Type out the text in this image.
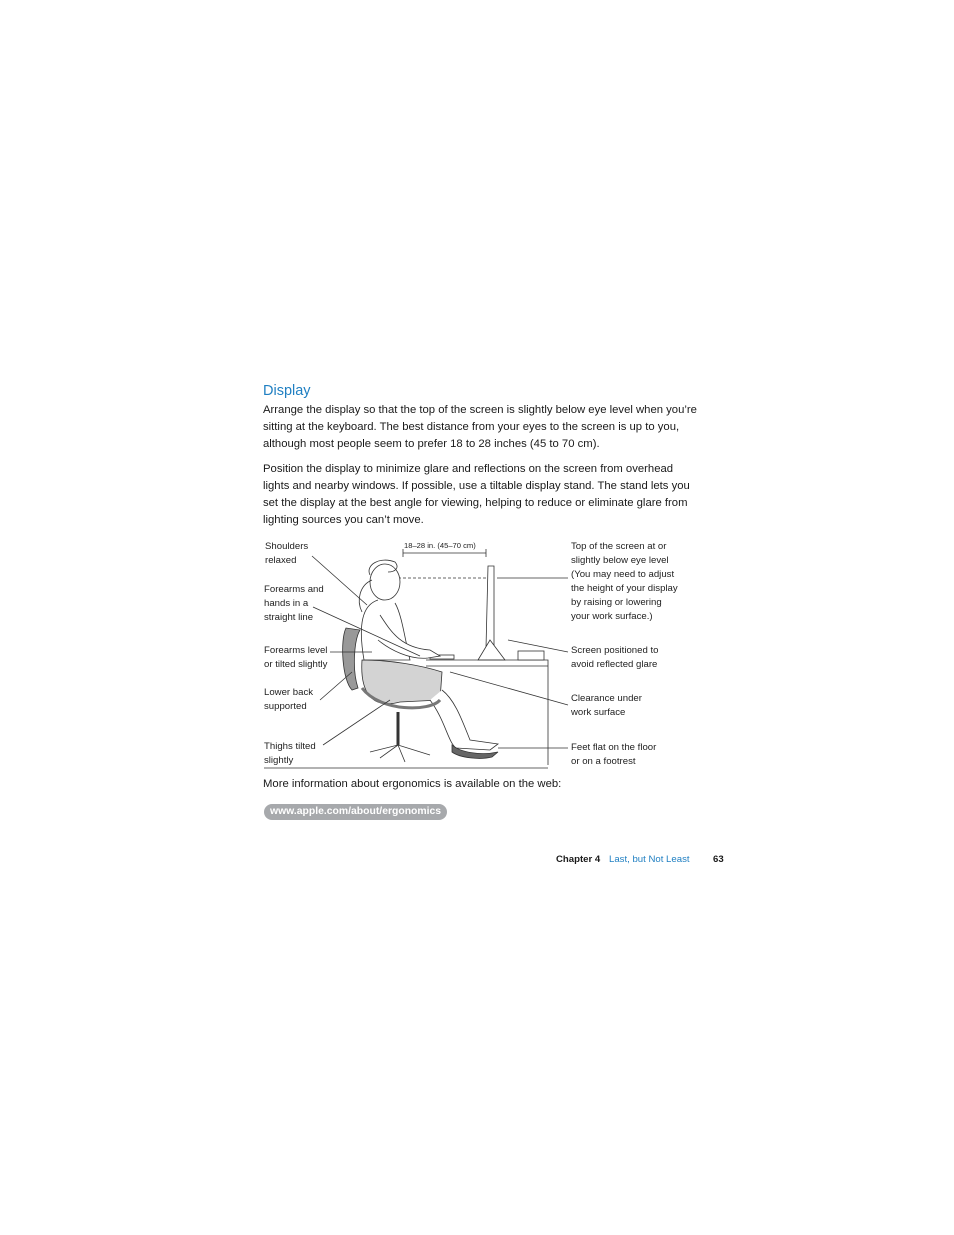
Display

Arrange the display so that the top of the screen is slightly below eye level when you’re
sitting at the keyboard. The best distance from your eyes to the screen is up to you,
although most people seem to prefer 18 to 28 inches (45 to 70 cm).

Position the display to minimize glare and reflections on the screen from overhead
lights and nearby windows. If possible, use a tiltable display stand. The stand lets you
set the display at the best angle for viewing, helping to reduce or eliminate glare from
lighting sources you can’t move.

18–28 in. (45–70 cm)
Shoulders
relaxed
Forearms and
hands in a
straight line
Forearms level
or tilted slightly
Lower back
supported
Thighs tilted
slightly
Top of the screen at or
slightly below eye level
(You may need to adjust
the height of your display
by raising or lowering
your work surface.)
Screen positioned to
avoid reflected glare
Clearance under
work surface
Feet flat on the floor
or on a footrest
More information about ergonomics is available on the web:
www.apple.com/about/ergonomics
Chapter 4 Last, but Not Least 63
